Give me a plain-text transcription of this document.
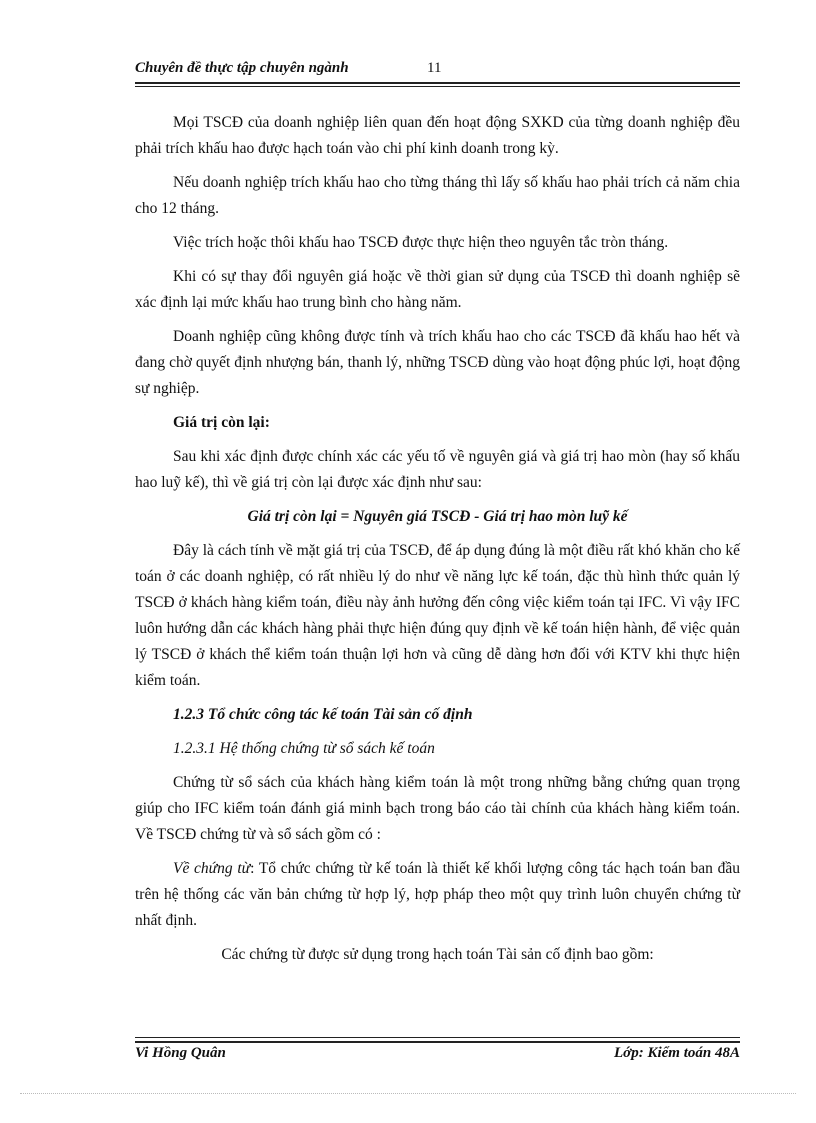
Chuyên đề thực tập chuyên ngành	11

Mọi TSCĐ của doanh nghiệp liên quan đến hoạt động SXKD của từng doanh nghiệp đều phải trích khấu hao được hạch toán vào chi phí kinh doanh trong kỳ.

Nếu doanh nghiệp trích khấu hao cho từng tháng thì lấy số khấu hao phải trích cả năm chia cho 12 tháng.

Việc trích hoặc thôi khấu hao TSCĐ được thực hiện theo nguyên tắc tròn tháng.

Khi có sự thay đổi nguyên giá hoặc về thời gian sử dụng của TSCĐ thì doanh nghiệp sẽ xác định lại mức khấu hao trung bình cho hàng năm.

Doanh nghiệp cũng không được tính và trích khấu hao cho các TSCĐ đã khấu hao hết và đang chờ quyết định nhượng bán, thanh lý, những TSCĐ dùng vào hoạt động phúc lợi, hoạt động sự nghiệp.

Giá trị còn lại:

Sau khi xác định được chính xác các yếu tố về nguyên giá và giá trị hao mòn (hay số khấu hao luỹ kế), thì về giá trị còn lại được xác định như sau:

Giá trị còn lại = Nguyên giá TSCĐ - Giá trị hao mòn luỹ kế

Đây là cách tính về mặt giá trị của TSCĐ, để áp dụng đúng là một điều rất khó khăn cho kế toán ở các doanh nghiệp, có rất nhiều lý do như về năng lực kế toán, đặc thù hình thức quản lý TSCĐ ở khách hàng kiểm toán, điều này ảnh hưởng đến công việc kiểm toán tại IFC. Vì vậy IFC luôn hướng dẫn các khách hàng phải thực hiện đúng quy định về kế toán hiện hành, để việc quản lý TSCĐ ở khách thể kiểm toán thuận lợi hơn và cũng dễ dàng hơn đối với KTV khi thực hiện kiểm toán.

1.2.3 Tổ chức công tác kế toán Tài sản cố định
1.2.3.1 Hệ thống chứng từ sổ sách kế toán

Chứng từ sổ sách của khách hàng kiểm toán là một trong những bằng chứng quan trọng giúp cho IFC kiểm toán đánh giá minh bạch trong báo cáo tài chính của khách hàng kiểm toán. Về TSCĐ chứng từ và sổ sách gồm có :

Về chứng từ: Tổ chức chứng từ kế toán là thiết kế khối lượng công tác hạch toán ban đầu trên hệ thống các văn bản chứng từ hợp lý, hợp pháp theo một quy trình luôn chuyển chứng từ nhất định.

Các chứng từ được sử dụng trong hạch toán Tài sản cố định bao gồm:

Vi Hồng Quân	Lớp: Kiểm toán 48A
